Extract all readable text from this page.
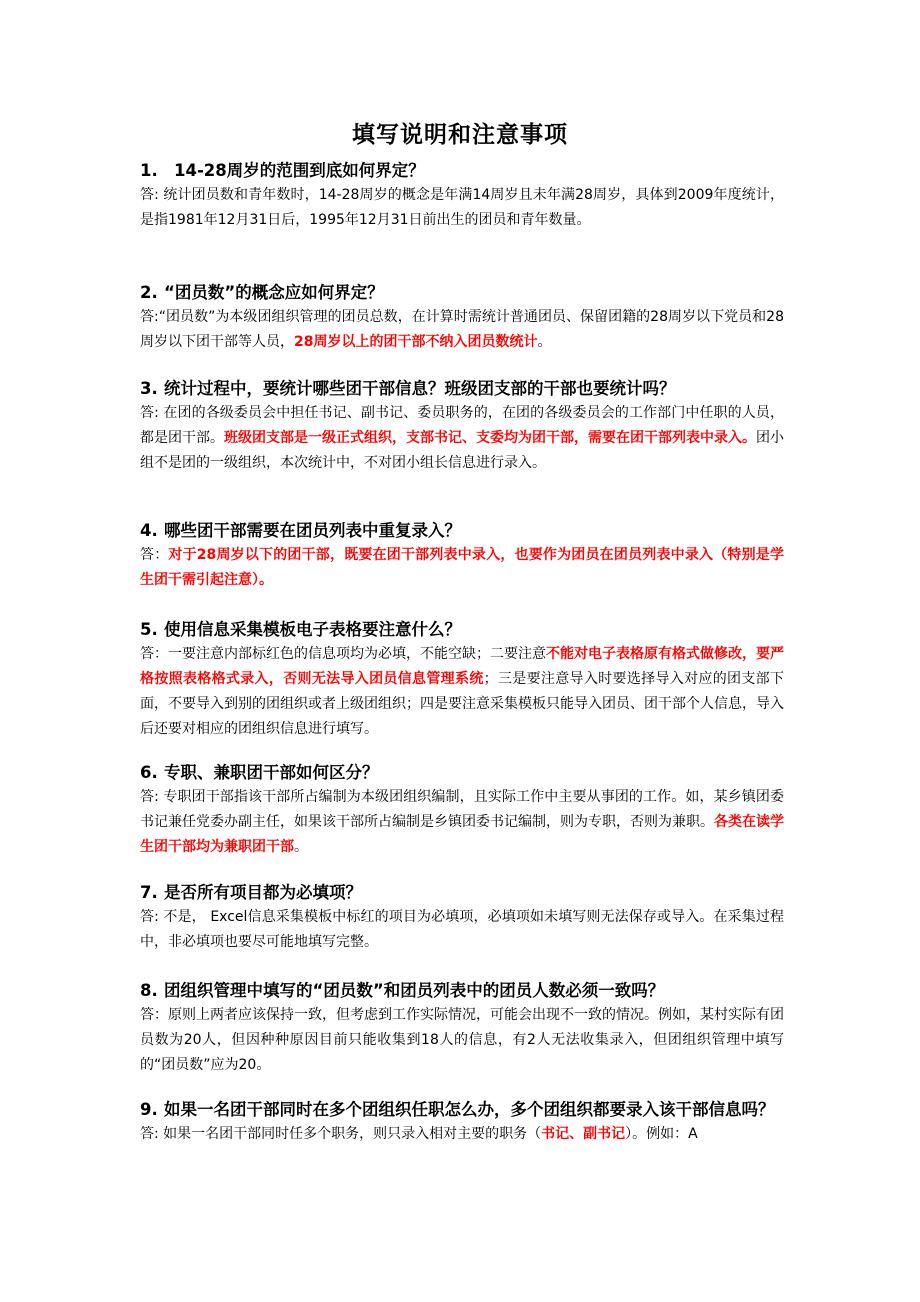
填写说明和注意事项

1. 14-28周岁的范围到底如何界定？

答: 统计团员数和青年数时，14-28周岁的概念是年满14周岁且未年满28周岁，具体到2009年度统计，是指1981年12月31日后，1995年12月31日前出生的团员和青年数量。

2. “团员数”的概念应如何界定？

答:“团员数”为本级团组织管理的团员总数，在计算时需统计普通团员、保留团籍的28周岁以下党员和28周岁以下团干部等人员，28周岁以上的团干部不纳入团员数统计。

3. 统计过程中，要统计哪些团干部信息？班级团支部的干部也要统计吗？

答: 在团的各级委员会中担任书记、副书记、委员职务的，在团的各级委员会的工作部门中任职的人员，都是团干部。班级团支部是一级正式组织，支部书记、支委均为团干部，需要在团干部列表中录入。团小组不是团的一级组织，本次统计中，不对团小组长信息进行录入。

4. 哪些团干部需要在团员列表中重复录入？

答：对于28周岁以下的团干部，既要在团干部列表中录入，也要作为团员在团员列表中录入（特别是学生团干需引起注意）。

5. 使用信息采集模板电子表格要注意什么？

答：一要注意内部标红色的信息项均为必填，不能空缺；二要注意不能对电子表格原有格式做修改，要严格按照表格格式录入，否则无法导入团员信息管理系统；三是要注意导入时要选择导入对应的团支部下面，不要导入到别的团组织或者上级团组织；四是要注意采集模板只能导入团员、团干部个人信息，导入后还要对相应的团组织信息进行填写。

6. 专职、兼职团干部如何区分？

答: 专职团干部指该干部所占编制为本级团组织编制，且实际工作中主要从事团的工作。如，某乡镇团委书记兼任党委办副主任，如果该干部所占编制是乡镇团委书记编制，则为专职，否则为兼职。各类在读学生团干部均为兼职团干部。

7. 是否所有项目都为必填项？

答: 不是， Excel信息采集模板中标红的项目为必填项，必填项如未填写则无法保存或导入。在采集过程中，非必填项也要尽可能地填写完整。

8. 团组织管理中填写的“团员数”和团员列表中的团员人数必须一致吗？

答：原则上两者应该保持一致，但考虑到工作实际情况，可能会出现不一致的情况。例如，某村实际有团员数为20人，但因种种原因目前只能收集到18人的信息，有2人无法收集录入，但团组织管理中填写的“团员数”应为20。

9. 如果一名团干部同时在多个团组织任职怎么办，多个团组织都要录入该干部信息吗？

答: 如果一名团干部同时任多个职务，则只录入相对主要的职务（书记、副书记）。例如：A
